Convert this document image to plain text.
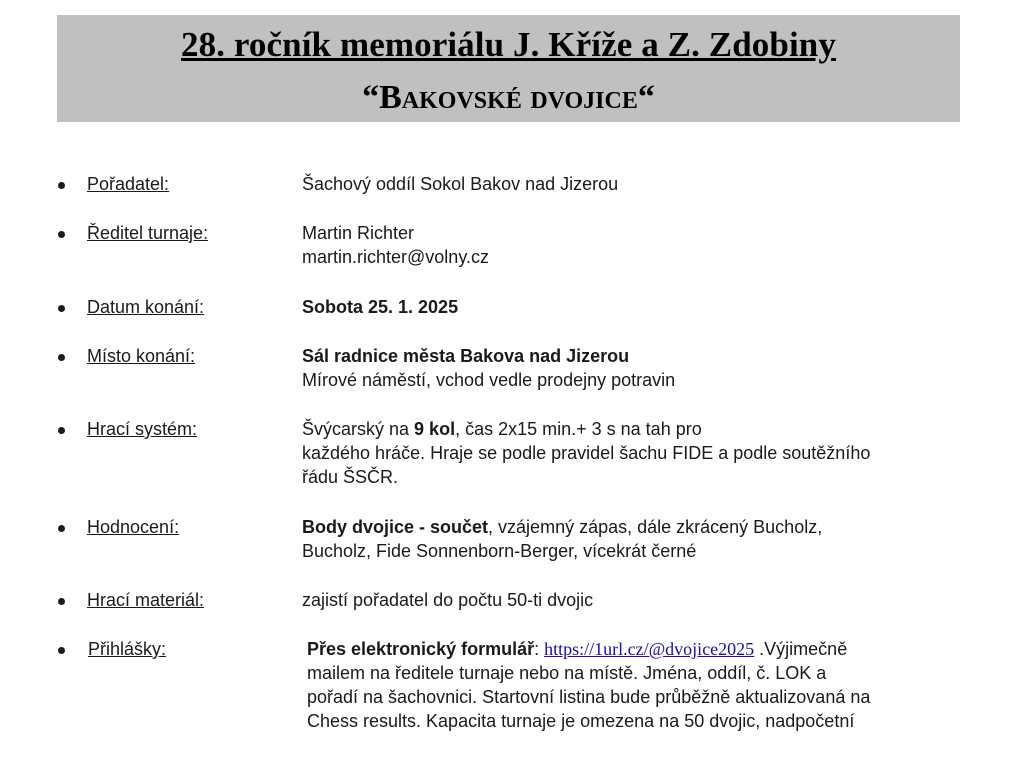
28. ročník memoriálu J. Kříže a Z. Zdobiny
“Bakovské dvojice“
Pořadatel:	Šachový oddíl Sokol Bakov nad Jizerou
Ředitel turnaje:	Martin Richter
martin.richter@volny.cz
Datum konání:	Sobota 25. 1. 2025
Místo konání:	Sál radnice města Bakova nad Jizerou
Mírové náměstí, vchod vedle prodejny potravin
Hrací systém:	Švýcarský na 9 kol, čas 2x15 min.+ 3 s na tah pro
každého hráče. Hraje se podle pravidel šachu FIDE a podle soutěžního
řádu ŠSČR.
Hodnocení:	Body dvojice - součet, vzájemný zápas, dále zkrácený Bucholz,
Bucholz, Fide Sonnenborn-Berger, vícekrát černé
Hrací materiál:	zajistí pořadatel do počtu 50-ti dvojic
Přihlášky:	Přes elektronický formulář: https://1url.cz/@dvojice2025 .Výjimečně
mailem na ředitele turnaje nebo na místě. Jména, oddíl, č. LOK a
pořadí na šachovnici. Startovní listina bude průběžně aktualizovaná na
Chess results. Kapacita turnaje je omezena na 50 dvojic, nadpočetní
